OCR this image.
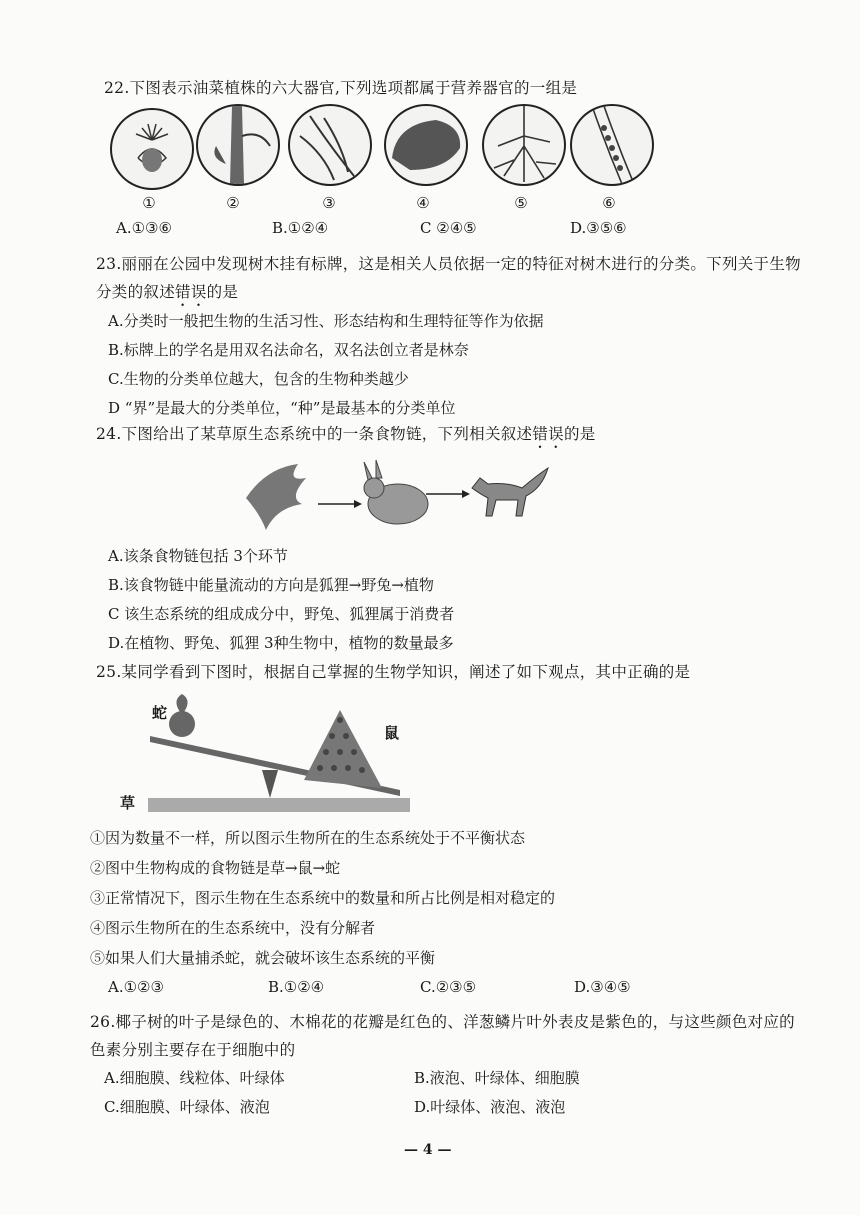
22.下图表示油菜植株的六大器官,下列选项都属于营养器官的一组是
①	②	③	④	⑤	⑥
A.①③⑥	B.①②④	C ②④⑤	D.③⑤⑥
23.丽丽在公园中发现树木挂有标牌，这是相关人员依据一定的特征对树木进行的分类。下列关于生物
分类的叙述错误的是
A.分类时一般把生物的生活习性、形态结构和生理特征等作为依据
B.标牌上的学名是用双名法命名，双名法创立者是林奈
C.生物的分类单位越大，包含的生物种类越少
D “界”是最大的分类单位，“种”是最基本的分类单位
24.下图给出了某草原生态系统中的一条食物链，下列相关叙述错误的是
A.该条食物链包括 3个环节
B.该食物链中能量流动的方向是狐狸→野兔→植物
C 该生态系统的组成成分中，野兔、狐狸属于消费者
D.在植物、野兔、狐狸 3种生物中，植物的数量最多
25.某同学看到下图时，根据自己掌握的生物学知识，阐述了如下观点，其中正确的是
蛇
鼠
草
①因为数量不一样，所以图示生物所在的生态系统处于不平衡状态
②图中生物构成的食物链是草→鼠→蛇
③正常情况下，图示生物在生态系统中的数量和所占比例是相对稳定的
④图示生物所在的生态系统中，没有分解者
⑤如果人们大量捕杀蛇，就会破坏该生态系统的平衡
A.①②③	B.①②④	C.②③⑤	D.③④⑤
26.椰子树的叶子是绿色的、木棉花的花瓣是红色的、洋葱鳞片叶外表皮是紫色的，与这些颜色对应的
色素分别主要存在于细胞中的
A.细胞膜、线粒体、叶绿体	B.液泡、叶绿体、细胞膜
C.细胞膜、叶绿体、液泡	D.叶绿体、液泡、液泡
— 4 —
